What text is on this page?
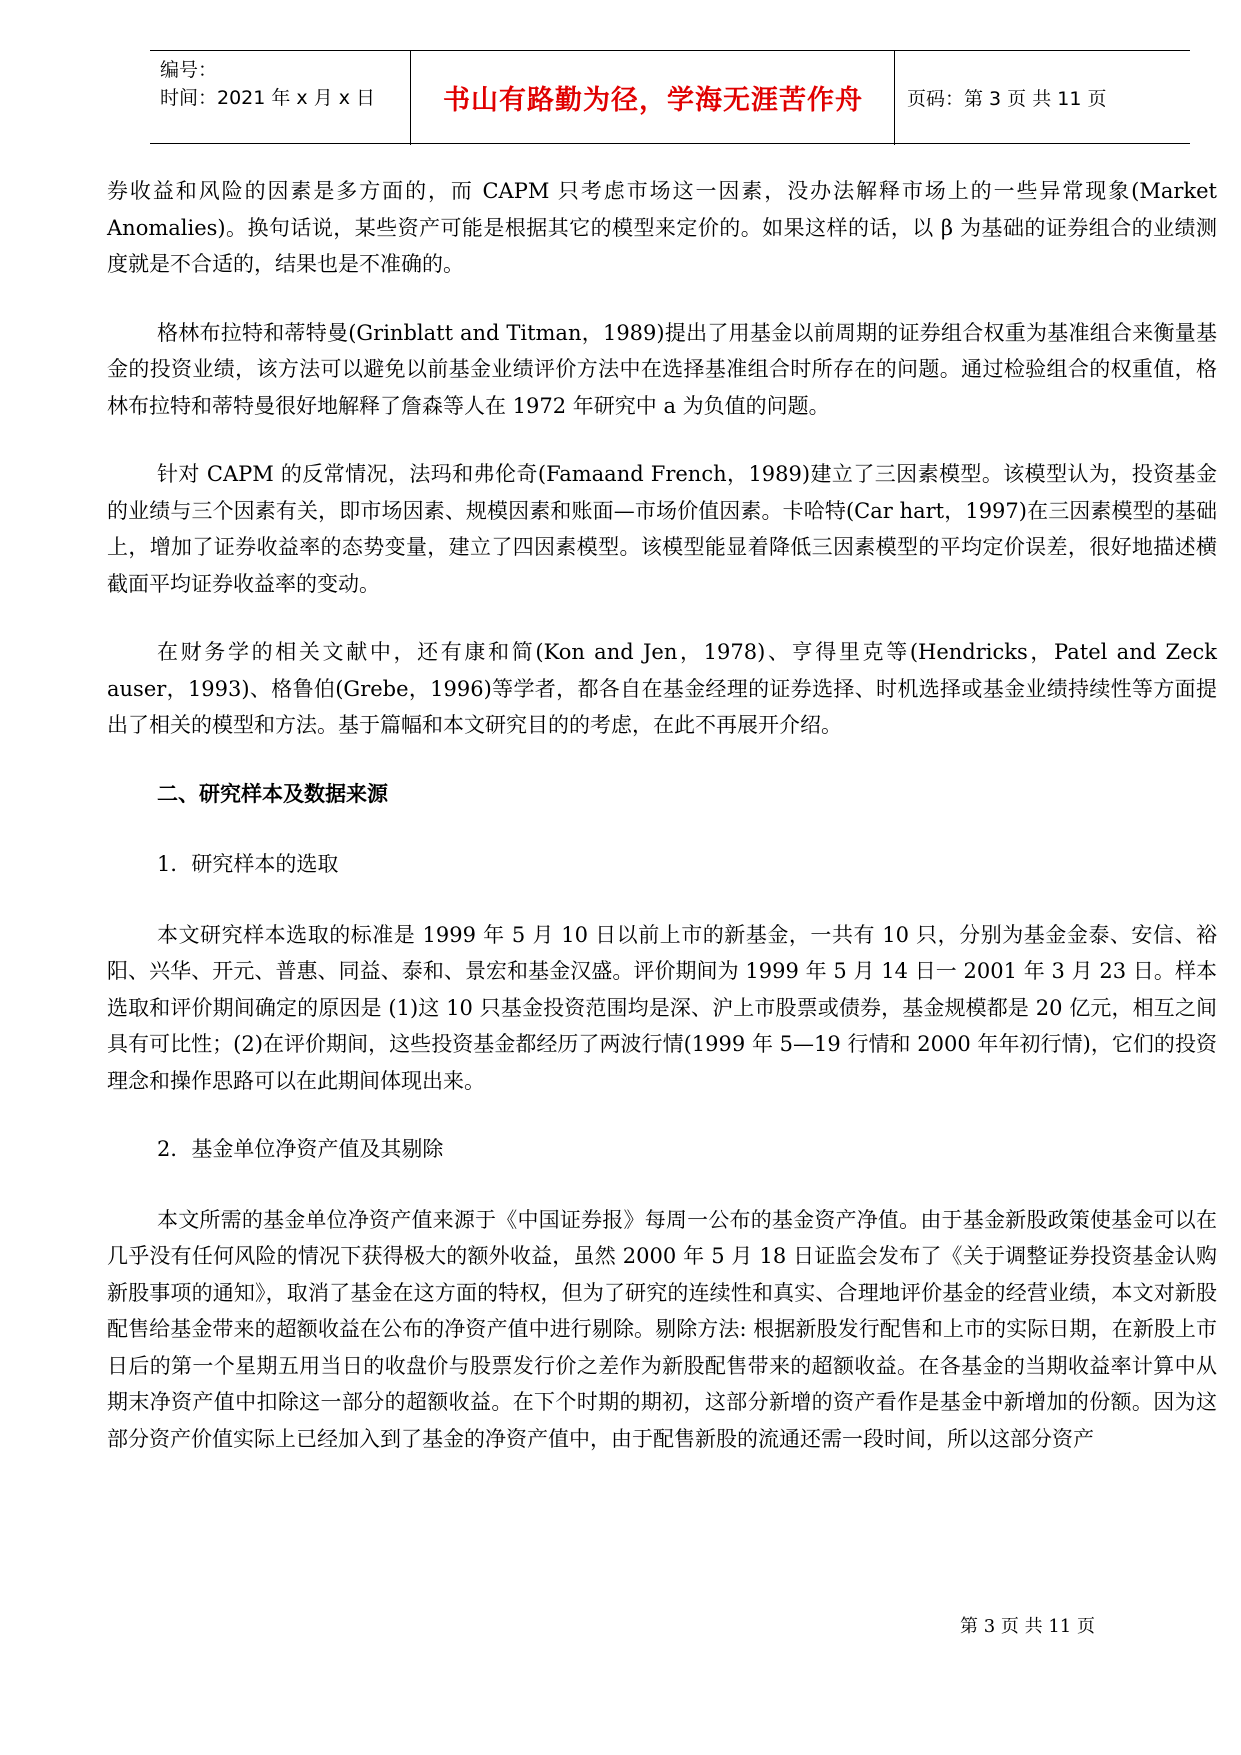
编号：
时间：2021 年 x 月 x 日	书山有路勤为径，学海无涯苦作舟	页码：第 3 页 共 11 页

券收益和风险的因素是多方面的，而 CAPM 只考虑市场这一因素，没办法解释市场上的一些异常现象(Market Anomalies)。换句话说，某些资产可能是根据其它的模型来定价的。如果这样的话，以 β 为基础的证券组合的业绩测度就是不合适的，结果也是不准确的。

格林布拉特和蒂特曼(Grinblatt and Titman，1989)提出了用基金以前周期的证券组合权重为基准组合来衡量基金的投资业绩，该方法可以避免以前基金业绩评价方法中在选择基准组合时所存在的问题。通过检验组合的权重值，格林布拉特和蒂特曼很好地解释了詹森等人在 1972 年研究中 a 为负值的问题。

针对 CAPM 的反常情况，法玛和弗伦奇(Famaand French，1989)建立了三因素模型。该模型认为，投资基金的业绩与三个因素有关，即市场因素、规模因素和账面—市场价值因素。卡哈特(Car hart，1997)在三因素模型的基础上，增加了证券收益率的态势变量，建立了四因素模型。该模型能显着降低三因素模型的平均定价误差，很好地描述横截面平均证券收益率的变动。

在财务学的相关文献中，还有康和简(Kon and Jen，1978)、亨得里克等(Hendricks，Patel and Zeck auser，1993)、格鲁伯(Grebe，1996)等学者，都各自在基金经理的证券选择、时机选择或基金业绩持续性等方面提出了相关的模型和方法。基于篇幅和本文研究目的的考虑，在此不再展开介绍。

二、研究样本及数据来源
1．研究样本的选取

本文研究样本选取的标准是 1999 年 5 月 10 日以前上市的新基金，一共有 10 只，分别为基金金泰、安信、裕阳、兴华、开元、普惠、同益、泰和、景宏和基金汉盛。评价期间为 1999 年 5 月 14 日一 2001 年 3 月 23 日。样本选取和评价期间确定的原因是 (1)这 10 只基金投资范围均是深、沪上市股票或债券，基金规模都是 20 亿元，相互之间具有可比性；(2)在评价期间，这些投资基金都经历了两波行情(1999 年 5—19 行情和 2000 年年初行情)，它们的投资理念和操作思路可以在此期间体现出来。

2．基金单位净资产值及其剔除

本文所需的基金单位净资产值来源于《中国证券报》每周一公布的基金资产净值。由于基金新股政策使基金可以在几乎没有任何风险的情况下获得极大的额外收益，虽然 2000 年 5 月 18 日证监会发布了《关于调整证券投资基金认购新股事项的通知》，取消了基金在这方面的特权，但为了研究的连续性和真实、合理地评价基金的经营业绩，本文对新股配售给基金带来的超额收益在公布的净资产值中进行剔除。剔除方法: 根据新股发行配售和上市的实际日期，在新股上市日后的第一个星期五用当日的收盘价与股票发行价之差作为新股配售带来的超额收益。在各基金的当期收益率计算中从期末净资产值中扣除这一部分的超额收益。在下个时期的期初，这部分新增的资产看作是基金中新增加的份额。因为这部分资产价值实际上已经加入到了基金的净资产值中，由于配售新股的流通还需一段时间，所以这部分资产

第 3 页 共 11 页
